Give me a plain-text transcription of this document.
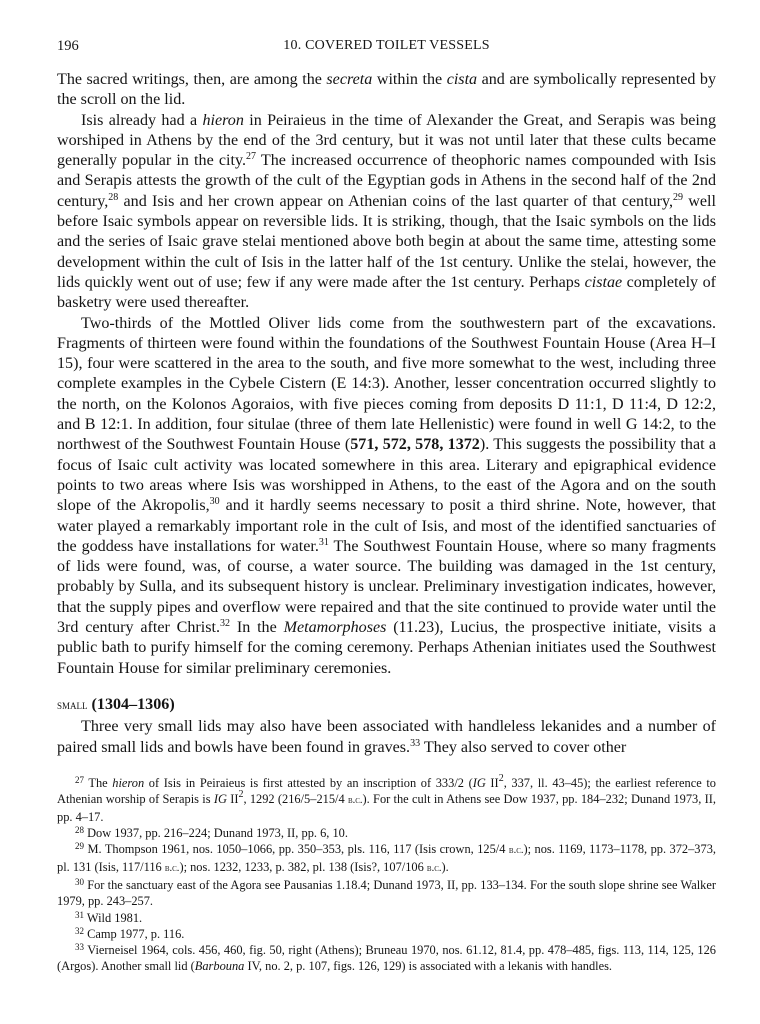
196	10. COVERED TOILET VESSELS

The sacred writings, then, are among the secreta within the cista and are symbolically represented by the scroll on the lid.

Isis already had a hieron in Peiraieus in the time of Alexander the Great, and Serapis was being worshiped in Athens by the end of the 3rd century, but it was not until later that these cults became generally popular in the city.$^{27}$ The increased occurrence of theophoric names compounded with Isis and Serapis attests the growth of the cult of the Egyptian gods in Athens in the second half of the 2nd century,$^{28}$ and Isis and her crown appear on Athenian coins of the last quarter of that century,$^{29}$ well before Isaic symbols appear on reversible lids. It is striking, though, that the Isaic symbols on the lids and the series of Isaic grave stelai mentioned above both begin at about the same time, attesting some development within the cult of Isis in the latter half of the 1st century. Unlike the stelai, however, the lids quickly went out of use; few if any were made after the 1st century. Perhaps cistae completely of basketry were used thereafter.

Two-thirds of the Mottled Oliver lids come from the southwestern part of the excavations. Fragments of thirteen were found within the foundations of the Southwest Fountain House (Area H–I 15), four were scattered in the area to the south, and five more somewhat to the west, including three complete examples in the Cybele Cistern (E 14:3). Another, lesser concentration occurred slightly to the north, on the Kolonos Agoraios, with five pieces coming from deposits D 11:1, D 11:4, D 12:2, and B 12:1. In addition, four situlae (three of them late Hellenistic) were found in well G 14:2, to the northwest of the Southwest Fountain House (571, 572, 578, 1372). This suggests the possibility that a focus of Isaic cult activity was located somewhere in this area. Literary and epigraphical evidence points to two areas where Isis was worshipped in Athens, to the east of the Agora and on the south slope of the Akropolis,$^{30}$ and it hardly seems necessary to posit a third shrine. Note, however, that water played a remarkably important role in the cult of Isis, and most of the identified sanctuaries of the goddess have installations for water.$^{31}$ The Southwest Fountain House, where so many fragments of lids were found, was, of course, a water source. The building was damaged in the 1st century, probably by Sulla, and its subsequent history is unclear. Preliminary investigation indicates, however, that the supply pipes and overflow were repaired and that the site continued to provide water until the 3rd century after Christ.$^{32}$ In the Metamorphoses (11.23), Lucius, the prospective initiate, visits a public bath to purify himself for the coming ceremony. Perhaps Athenian initiates used the Southwest Fountain House for similar preliminary ceremonies.

small (1304–1306)

Three very small lids may also have been associated with handleless lekanides and a number of paired small lids and bowls have been found in graves.$^{33}$ They also served to cover other

$^{27}$ The hieron of Isis in Peiraieus is first attested by an inscription of 333/2 (IG $II^2$, 337, ll. 43–45); the earliest reference to Athenian worship of Serapis is IG $II^2$, 1292 (216/5–215/4 b.c.). For the cult in Athens see Dow 1937, pp. 184–232; Dunand 1973, II, pp. 4–17.

$^{28}$ Dow 1937, pp. 216–224; Dunand 1973, II, pp. 6, 10.

$^{29}$ M. Thompson 1961, nos. 1050–1066, pp. 350–353, pls. 116, 117 (Isis crown, 125/4 b.c.); nos. 1169, 1173–1178, pp. 372–373, pl. 131 (Isis, 117/116 b.c.); nos. 1232, 1233, p. 382, pl. 138 (Isis?, 107/106 b.c.).

$^{30}$ For the sanctuary east of the Agora see Pausanias 1.18.4; Dunand 1973, II, pp. 133–134. For the south slope shrine see Walker 1979, pp. 243–257.

$^{31}$ Wild 1981.

$^{32}$ Camp 1977, p. 116.

$^{33}$ Vierneisel 1964, cols. 456, 460, fig. 50, right (Athens); Bruneau 1970, nos. 61.12, 81.4, pp. 478–485, figs. 113, 114, 125, 126 (Argos). Another small lid (Barbouna IV, no. 2, p. 107, figs. 126, 129) is associated with a lekanis with handles.
